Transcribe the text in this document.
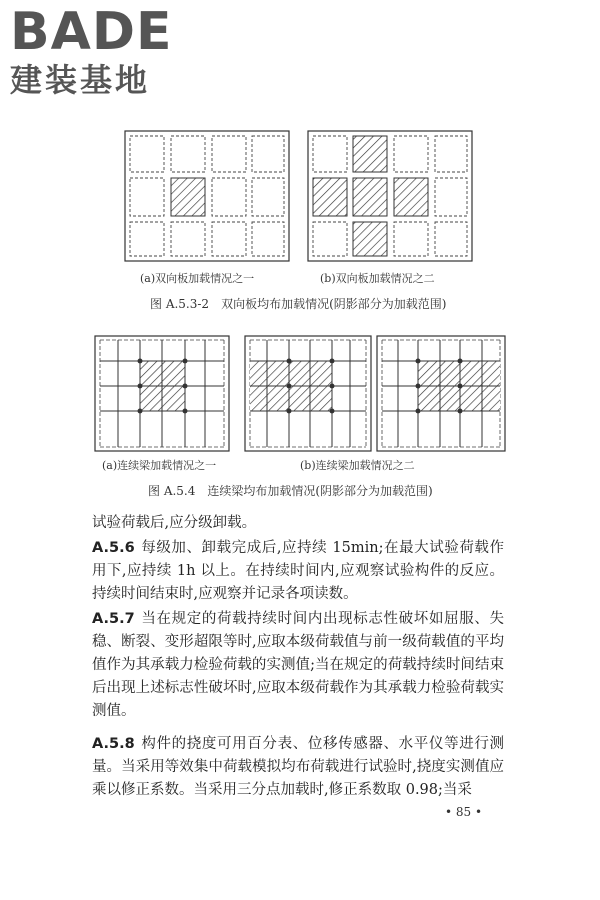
BADE
建装基地
(a)双向板加载情况之一	(b)双向板加载情况之二
图 A.5.3-2　双向板均布加载情况(阴影部分为加载范围)
(a)连续梁加载情况之一	(b)连续梁加载情况之二
图 A.5.4　连续梁均布加载情况(阴影部分为加载范围)
试验荷载后,应分级卸载。
A.5.6 每级加、卸载完成后,应持续 15min;在最大试验荷载作用下,应持续 1h 以上。在持续时间内,应观察试验构件的反应。持续时间结束时,应观察并记录各项读数。
A.5.7 当在规定的荷载持续时间内出现标志性破坏如屈服、失稳、断裂、变形超限等时,应取本级荷载值与前一级荷载值的平均值作为其承载力检验荷载的实测值;当在规定的荷载持续时间结束后出现上述标志性破坏时,应取本级荷载作为其承载力检验荷载实测值。
A.5.8 构件的挠度可用百分表、位移传感器、水平仪等进行测量。当采用等效集中荷载模拟均布荷载进行试验时,挠度实测值应乘以修正系数。当采用三分点加载时,修正系数取 0.98;当采
• 85 •
